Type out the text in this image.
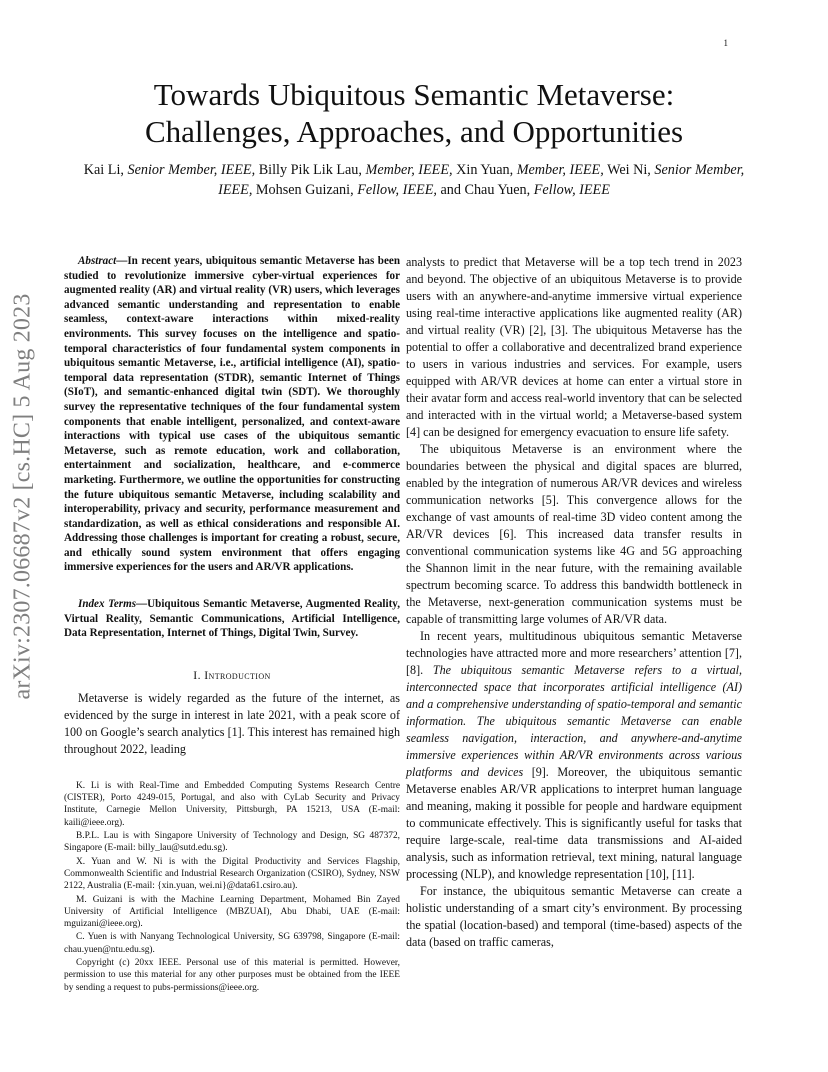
1
arXiv:2307.06687v2 [cs.HC] 5 Aug 2023
Towards Ubiquitous Semantic Metaverse:
Challenges, Approaches, and Opportunities
Kai Li, Senior Member, IEEE, Billy Pik Lik Lau, Member, IEEE, Xin Yuan, Member, IEEE, Wei Ni, Senior Member, IEEE, Mohsen Guizani, Fellow, IEEE, and Chau Yuen, Fellow, IEEE

Abstract—In recent years, ubiquitous semantic Metaverse has been studied to revolutionize immersive cyber-virtual experiences for augmented reality (AR) and virtual reality (VR) users, which leverages advanced semantic understanding and representation to enable seamless, context-aware interactions within mixed-reality environments. This survey focuses on the intelligence and spatio-temporal characteristics of four fundamental system components in ubiquitous semantic Metaverse, i.e., artificial intelligence (AI), spatio-temporal data representation (STDR), semantic Internet of Things (SIoT), and semantic-enhanced digital twin (SDT). We thoroughly survey the representative techniques of the four fundamental system components that enable intelligent, personalized, and context-aware interactions with typical use cases of the ubiquitous semantic Metaverse, such as remote education, work and collaboration, entertainment and socialization, healthcare, and e-commerce marketing. Furthermore, we outline the opportunities for constructing the future ubiquitous semantic Metaverse, including scalability and interoperability, privacy and security, performance measurement and standardization, as well as ethical considerations and responsible AI. Addressing those challenges is important for creating a robust, secure, and ethically sound system environment that offers engaging immersive experiences for the users and AR/VR applications.

Index Terms—Ubiquitous Semantic Metaverse, Augmented Reality, Virtual Reality, Semantic Communications, Artificial Intelligence, Data Representation, Internet of Things, Digital Twin, Survey.

I. Introduction

Metaverse is widely regarded as the future of the internet, as evidenced by the surge in interest in late 2021, with a peak score of 100 on Google’s search analytics [1]. This interest has remained high throughout 2022, leading

K. Li is with Real-Time and Embedded Computing Systems Research Centre (CISTER), Porto 4249-015, Portugal, and also with CyLab Security and Privacy Institute, Carnegie Mellon University, Pittsburgh, PA 15213, USA (E-mail: kaili@ieee.org).

B.P.L. Lau is with Singapore University of Technology and Design, SG 487372, Singapore (E-mail: billy_lau@sutd.edu.sg).

X. Yuan and W. Ni is with the Digital Productivity and Services Flagship, Commonwealth Scientific and Industrial Research Organization (CSIRO), Sydney, NSW 2122, Australia (E-mail: {xin.yuan, wei.ni}@data61.csiro.au).

M. Guizani is with the Machine Learning Department, Mohamed Bin Zayed University of Artificial Intelligence (MBZUAI), Abu Dhabi, UAE (E-mail: mguizani@ieee.org).

C. Yuen is with Nanyang Technological University, SG 639798, Singapore (E-mail: chau.yuen@ntu.edu.sg).

Copyright (c) 20xx IEEE. Personal use of this material is permitted. However, permission to use this material for any other purposes must be obtained from the IEEE by sending a request to pubs-permissions@ieee.org.

analysts to predict that Metaverse will be a top tech trend in 2023 and beyond. The objective of an ubiquitous Metaverse is to provide users with an anywhere-and-anytime immersive virtual experience using real-time interactive applications like augmented reality (AR) and virtual reality (VR) [2], [3]. The ubiquitous Metaverse has the potential to offer a collaborative and decentralized brand experience to users in various industries and services. For example, users equipped with AR/VR devices at home can enter a virtual store in their avatar form and access real-world inventory that can be selected and interacted with in the virtual world; a Metaverse-based system [4] can be designed for emergency evacuation to ensure life safety.

The ubiquitous Metaverse is an environment where the boundaries between the physical and digital spaces are blurred, enabled by the integration of numerous AR/VR devices and wireless communication networks [5]. This convergence allows for the exchange of vast amounts of real-time 3D video content among the AR/VR devices [6]. This increased data transfer results in conventional communication systems like 4G and 5G approaching the Shannon limit in the near future, with the remaining available spectrum becoming scarce. To address this bandwidth bottleneck in the Metaverse, next-generation communication systems must be capable of transmitting large volumes of AR/VR data.

In recent years, multitudinous ubiquitous semantic Metaverse technologies have attracted more and more researchers’ attention [7], [8]. The ubiquitous semantic Metaverse refers to a virtual, interconnected space that incorporates artificial intelligence (AI) and a comprehensive understanding of spatio-temporal and semantic information. The ubiquitous semantic Metaverse can enable seamless navigation, interaction, and anywhere-and-anytime immersive experiences within AR/VR environments across various platforms and devices [9]. Moreover, the ubiquitous semantic Metaverse enables AR/VR applications to interpret human language and meaning, making it possible for people and hardware equipment to communicate effectively. This is significantly useful for tasks that require large-scale, real-time data transmissions and AI-aided analysis, such as information retrieval, text mining, natural language processing (NLP), and knowledge representation [10], [11].

For instance, the ubiquitous semantic Metaverse can create a holistic understanding of a smart city’s environment. By processing the spatial (location-based) and temporal (time-based) aspects of the data (based on traffic cameras,
